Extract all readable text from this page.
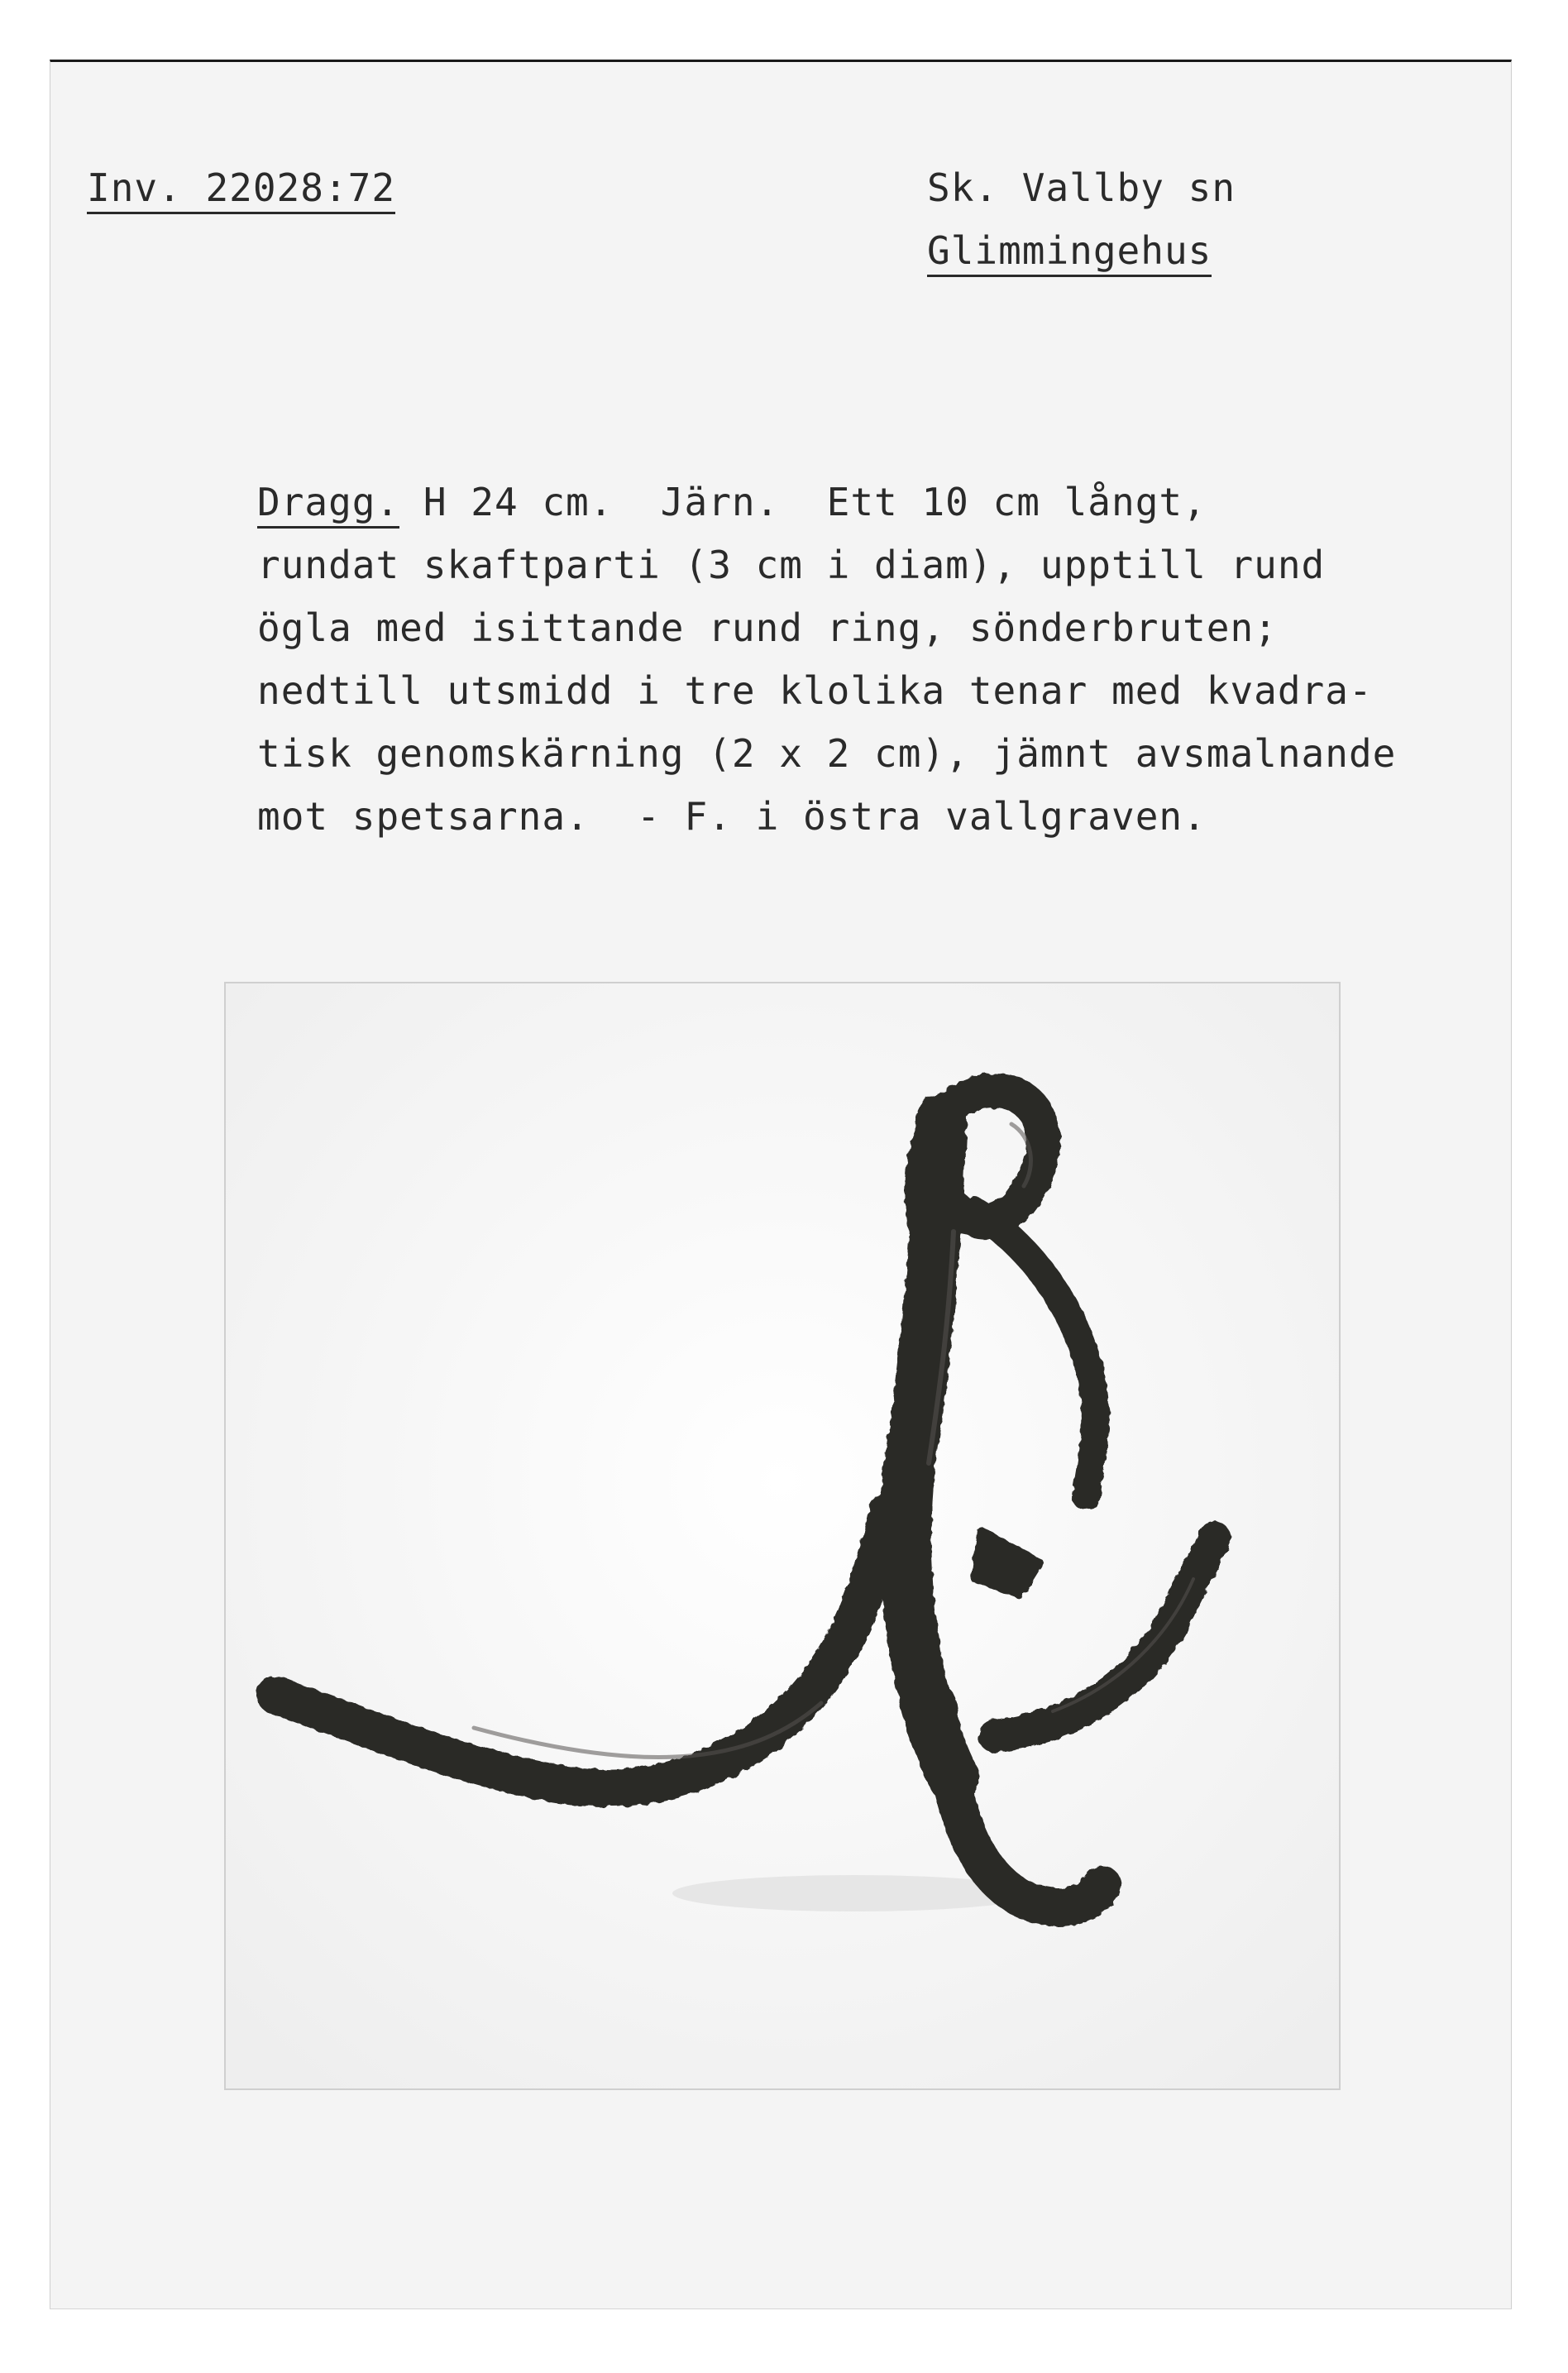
Inv. 22028:72	Sk. Vallby sn
Glimmingehus
Dragg. H 24 cm.  Järn.  Ett 10 cm långt,
rundat skaftparti (3 cm i diam), upptill rund
ögla med isittande rund ring, sönderbruten;
nedtill utsmidd i tre klolika tenar med kvadra-
tisk genomskärning (2 x 2 cm), jämnt avsmalnande
mot spetsarna.  - F. i östra vallgraven.
